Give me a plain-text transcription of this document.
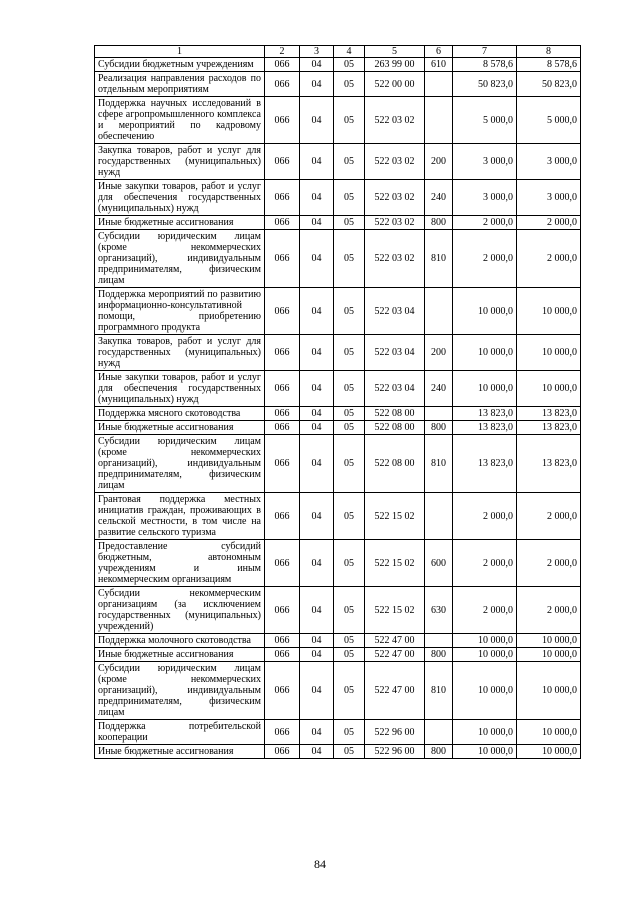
1	2	3	4	5	6	7	8
Субсидии бюджетным учреждениям	066	04	05	263 99 00	610	8 578,6	8 578,6
Реализация направления расходов по отдельным мероприятиям	066	04	05	522 00 00		50 823,0	50 823,0
Поддержка научных исследований в сфере агропромышленного комплекса и мероприятий по кадровому обеспечению	066	04	05	522 03 02		5 000,0	5 000,0
Закупка товаров, работ и услуг для государственных (муниципальных) нужд	066	04	05	522 03 02	200	3 000,0	3 000,0
Иные закупки товаров, работ и услуг для обеспечения государственных (муниципальных) нужд	066	04	05	522 03 02	240	3 000,0	3 000,0
Иные бюджетные ассигнования	066	04	05	522 03 02	800	2 000,0	2 000,0
Субсидии юридическим лицам (кроме некоммерческих организаций), индивидуальным предпринимателям, физическим лицам	066	04	05	522 03 02	810	2 000,0	2 000,0
Поддержка мероприятий по развитию информационно-консультативной помощи, приобретению программного продукта	066	04	05	522 03 04		10 000,0	10 000,0
Закупка товаров, работ и услуг для государственных (муниципальных) нужд	066	04	05	522 03 04	200	10 000,0	10 000,0
Иные закупки товаров, работ и услуг для обеспечения государственных (муниципальных) нужд	066	04	05	522 03 04	240	10 000,0	10 000,0
Поддержка мясного скотоводства	066	04	05	522 08 00		13 823,0	13 823,0
Иные бюджетные ассигнования	066	04	05	522 08 00	800	13 823,0	13 823,0
Субсидии юридическим лицам (кроме некоммерческих организаций), индивидуальным предпринимателям, физическим лицам	066	04	05	522 08 00	810	13 823,0	13 823,0
Грантовая поддержка местных инициатив граждан, проживающих в сельской местности, в том числе на развитие сельского туризма	066	04	05	522 15 02		2 000,0	2 000,0
Предоставление субсидий бюджетным, автономным учреждениям и иным некоммерческим организациям	066	04	05	522 15 02	600	2 000,0	2 000,0
Субсидии некоммерческим организациям (за исключением государственных (муниципальных) учреждений)	066	04	05	522 15 02	630	2 000,0	2 000,0
Поддержка молочного скотоводства	066	04	05	522 47 00		10 000,0	10 000,0
Иные бюджетные ассигнования	066	04	05	522 47 00	800	10 000,0	10 000,0
Субсидии юридическим лицам (кроме некоммерческих организаций), индивидуальным предпринимателям, физическим лицам	066	04	05	522 47 00	810	10 000,0	10 000,0
Поддержка потребительской кооперации	066	04	05	522 96 00		10 000,0	10 000,0
Иные бюджетные ассигнования	066	04	05	522 96 00	800	10 000,0	10 000,0
84
